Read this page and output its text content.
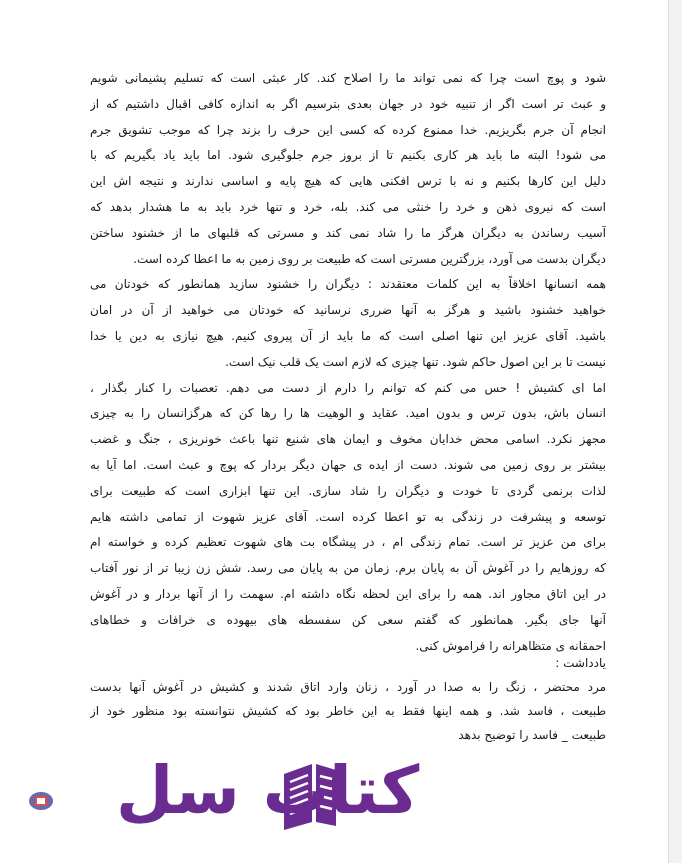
شود و پوچ است چرا که نمی تواند ما را اصلاح کند. کار عبثی است که تسلیم پشیمانی شویم
و عبث تر است اگر از تنبیه خود در جهان بعدی بترسیم اگر به اندازه کافی اقبال داشتیم که از
انجام آن جرم بگریزیم. خدا ممنوع کرده که کسی این حرف را بزند چرا که موجب تشویق جرم
می شود! البته ما باید هر کاری بکنیم تا از بروز جرم جلوگیری شود. اما باید یاد بگیریم که با
دلیل این کارها بکنیم و نه با ترس افکنی هایی که هیچ پایه و اساسی ندارند و نتیجه اش این
است که نیروی ذهن و خرد را خنثی می کند. بله، خرد و تنها خرد باید به ما هشدار بدهد که
آسیب رساندن به دیگران هرگز ما را شاد نمی کند و مسرتی که قلبهای ما از خشنود ساختن
دیگران بدست می آورد، بزرگترین مسرتی است که طبیعت بر روی زمین به ما اعطا کرده است.
همه انسانها اخلاقاً به این کلمات معتقدند : دیگران را خشنود سازید همانطور که خودتان می
خواهید خشنود باشید و هرگز به آنها ضرری نرسانید که خودتان می خواهید از آن در امان
باشید. آقای عزیز این تنها اصلی است که ما باید از آن پیروی کنیم. هیچ نیازی به دین یا خدا
نیست تا بر این اصول حاکم شود. تنها چیزی که لازم است یک قلب نیک است.
اما ای کشیش ! حس می کنم که توانم را دارم از دست می دهم. تعصبات را کنار بگذار ،
انسان باش، بدون ترس و بدون امید. عقاید و الوهیت ها را رها کن که هرگزانسان را به چیزی
مجهز نکرد. اسامی محض خدایان مخوف و ایمان های شنیع تنها باعث خونریزی ، جنگ و غضب
بیشتر بر روی زمین می شوند. دست از ایده ی جهان دیگر بردار که پوچ و عبث است. اما آیا به
لذات برنمی گردی تا خودت و دیگران را شاد سازی. این تنها ابزاری است که طبیعت برای
توسعه و پیشرفت در زندگی به تو اعطا کرده است. آقای عزیز شهوت از تمامی داشته هایم
برای من عزیز تر است. تمام زندگی ام ، در پیشگاه بت های شهوت تعظیم کرده و خواسته ام
که روزهایم را در آغوش آن به پایان برم. زمان من به پایان می رسد. شش زن زیبا تر از نور آفتاب
در این اتاق مجاور اند. همه را برای این لحظه نگاه داشته ام. سهمت را از آنها بردار و در آغوش
آنها جای بگیر. همانطور که گفتم سعی کن سفسطه های بیهوده ی خرافات و خطاهای
احمقانه ی متظاهرانه را فراموش کنی.
یادداشت :
مرد محتضر ، زنگ را به صدا در آورد ، زنان وارد اتاق شدند و کشیش در آغوش آنها بدست
طبیعت ، فاسد شد. و همه اینها فقط به این خاطر بود که کشیش نتوانسته بود منظور خود از
طبیعت _ فاسد را توضیح بدهد
کتاب سل
